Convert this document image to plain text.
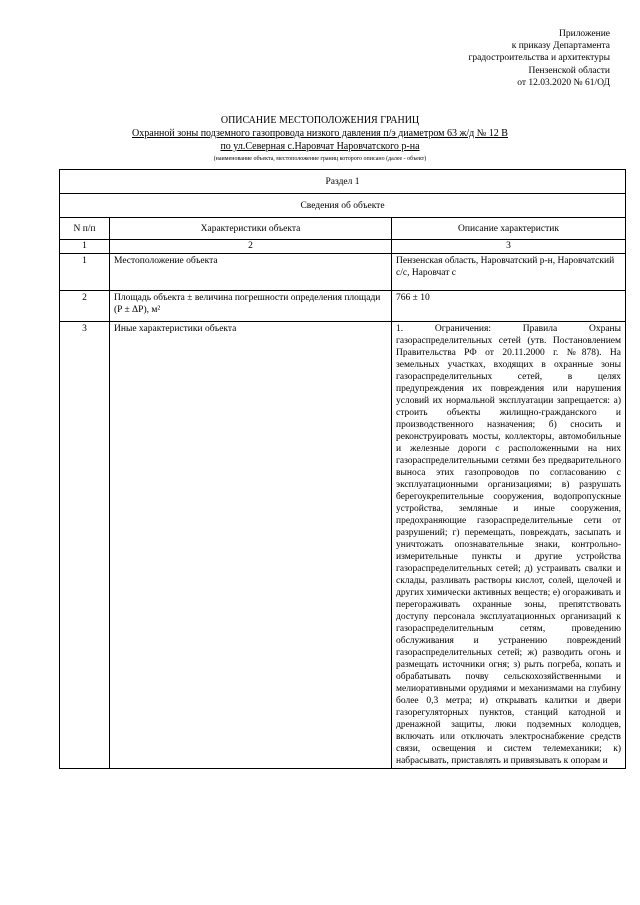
Приложение
к приказу Департамента
градостроительства и архитектуры
Пензенской области
от 12.03.2020 № 61/ОД
ОПИСАНИЕ МЕСТОПОЛОЖЕНИЯ ГРАНИЦ
Охранной зоны подземного газопровода низкого давления п/э диаметром 63 ж/д № 12 В
по ул.Северная с.Наровчат Наровчатского р-на
(наименование объекта, местоположение границ которого описано (далее - объект)
Раздел 1		
Сведения об объекте		
N п/п	Характеристики объекта	Описание характеристик
1	2	3
1	Местоположение объекта	Пензенская область, Наровчатский р-н, Наровчатский с/с, Наровчат с
2	Площадь объекта ± величина погрешности определения площади (P ± ΔP), м²	766 ± 10
3	Иные характеристики объекта	1. Ограничения: Правила Охраны газораспределительных сетей (утв. Постановлением Правительства РФ от 20.11.2000 г. №878). На земельных участках, входящих в охранные зоны газораспределительных сетей, в целях предупреждения их повреждения или нарушения условий их нормальной эксплуатации запрещается: а) строить объекты жилищно-гражданского и производственного назначения; б) сносить и реконструировать мосты, коллекторы, автомобильные и железные дороги с расположенными на них газораспределительными сетями без предварительного выноса этих газопроводов по согласованию с эксплуатационными организациями; в) разрушать берегоукрепительные сооружения, водопропускные устройства, земляные и иные сооружения, предохраняющие газораспределительные сети от разрушений; г) перемещать, повреждать, засыпать и уничтожать опознавательные знаки, контрольно-измерительные пункты и другие устройства газораспределительных сетей; д) устраивать свалки и склады, разливать растворы кислот, солей, щелочей и других химически активных веществ; е) огораживать и перегораживать охранные зоны, препятствовать доступу персонала эксплуатационных организаций к газораспределительным сетям, проведению обслуживания и устранению повреждений газораспределительных сетей; ж) разводить огонь и размещать источники огня; з) рыть погреба, копать и обрабатывать почву сельскохозяйственными и мелиоративными орудиями и механизмами на глубину более 0,3 метра; и) открывать калитки и двери газорегуляторных пунктов, станций катодной и дренажной защиты, люки подземных колодцев, включать или отключать электроснабжение средств связи, освещения и систем телемеханики; к) набрасывать, приставлять и привязывать к опорам и
